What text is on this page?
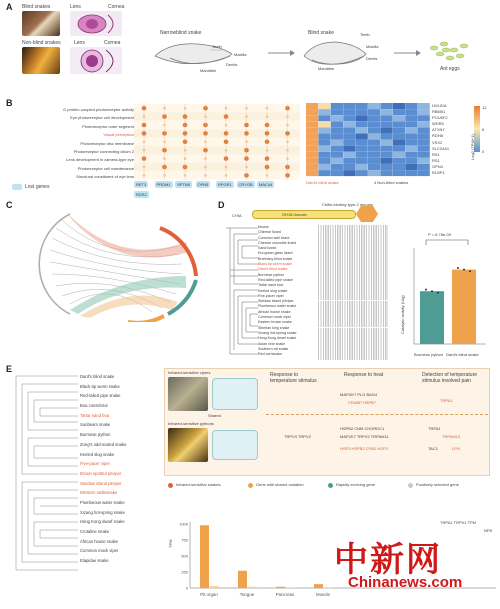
A Blind snakes	Lens	Cornea
Non-blind snakes	Lens	Cornea
Narrowblind snake
Teeth
Maxilla
Dentis
Mandible
Blind snake	Teeth
Maxilla
Dentis
Mandible	Ant eggs
B
G protein-coupled photoreceptor activity
Eye photoreceptor cell development
Photoreceptor outer segment
Visual perception
Photoreceptor disc membrane
Photoreceptor connecting cilium 2
Lens development in camera-type eye
Photoreceptor cell maintenance
Structural constituent of eye lens
RET3	PRDM1	SPTN5	OPN5	RPGR1	CRYGB	MAC44
RDS2
Lost genes
LIM-IDA
RBM51
POU6F2
WDR6
ATXN7
RDH8
VSX2
SLC24A1
RS1
RS1
OPN4
RLBP1
12
6
0
Log2 (TPM+1)
Dard's blind snake	4 Non-blind snakes
C	D
CHIA	GH18 domain
Chitin-binding type-2 domain
Mouse
Chinese lizard
Common wall lizard
Chinese crocodile lizard
Sand lizard
European glass lizard
Brahminy blind snake
Black-tip worm snake
Dard's blind snake
Burmese python
Red-tailed pipe snake
Tartar sand boa
Keeled slug snake
Five-pacer viper
Steidaw island pitviper
Plumbeous water snake
African house snake
Common mock viper
Eastern brown snake
Siberian king snake
Xizang hot-spring snake
Hong Kong dwarf snake
Asian vine snake
Southern rat snake
Red cornsnake
P = 6.78e-09
Catalytic activity (U/g)
Burmese python Dard's blind snake
E
Dard's blind snake
Black-tip worm snake
Red-tailed pipe snake
Boa constrictor
Tartar sand boa
Sunbeam snake
Burmese python
Zong's odd-scaled snake
Keeled slug snake
Five-pacer viper
Brown spotted pitviper
Steidaw island pitviper
Western rattlesnake
Plumbeous water snake
Xizang hot-spring snake
Hong Kong dwarf snake
Crotaline snake
African house snake
Common mock viper
Elapidae snake
Infrared-sensitive vipers
Shared
Infrared-sensitive pythons
Response to temperature stimulus
Response to heat	Detection of temperature stimulus involved pain
MAFDK7 PLG BAG4
CRABP HSPB7	TRPA1
TRPV3 TRPV2
HSPB2 CNM CHORDC1
MAP2K7 TRPV2 TRPAM11
HSP3 HSPB2 CPB2 HSP3
TRPA1
TRPAM13
TAC1	LPN
Infrared-sensitive snakes	Gene with shared variation	Rapidly evolving gene	Positively selected gene
TPM
1000
750
500
250
0
Pit organ	Tongue	Pancreas	Muscle
TRPA1 TRPV1 TPM
NFB
中新网
Chinanews.com
